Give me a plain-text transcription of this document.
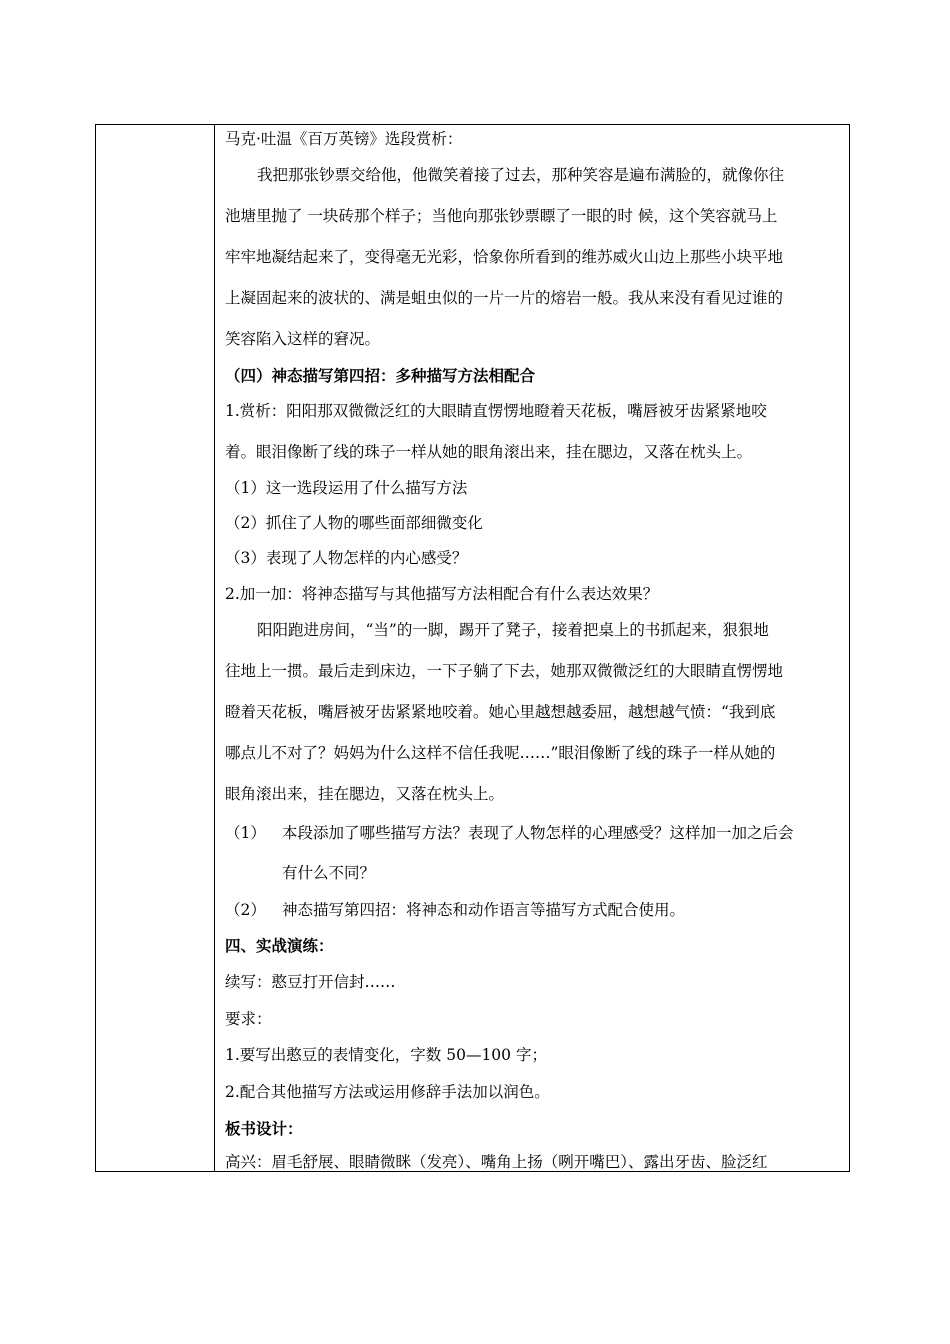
马克·吐温《百万英镑》选段赏析：
我把那张钞票交给他，他微笑着接了过去，那种笑容是遍布满脸的，就像你往
池塘里抛了 一块砖那个样子；当他向那张钞票瞟了一眼的时 候，这个笑容就马上
牢牢地凝结起来了，变得毫无光彩，恰象你所看到的维苏威火山边上那些小块平地
上凝固起来的波状的、满是蛆虫似的一片一片的熔岩一般。我从来没有看见过谁的
笑容陷入这样的窘况。
（四）神态描写第四招：多种描写方法相配合
1.赏析：阳阳那双微微泛红的大眼睛直愣愣地瞪着天花板，嘴唇被牙齿紧紧地咬
着。眼泪像断了线的珠子一样从她的眼角滚出来，挂在腮边，又落在枕头上。
（1）这一选段运用了什么描写方法
（2）抓住了人物的哪些面部细微变化
（3）表现了人物怎样的内心感受？
2.加一加：将神态描写与其他描写方法相配合有什么表达效果？
阳阳跑进房间，“当”的一脚，踢开了凳子，接着把桌上的书抓起来，狠狠地
往地上一掼。最后走到床边，一下子躺了下去，她那双微微泛红的大眼睛直愣愣地
瞪着天花板，嘴唇被牙齿紧紧地咬着。她心里越想越委屈，越想越气愤：“我到底
哪点儿不对了？妈妈为什么这样不信任我呢……”眼泪像断了线的珠子一样从她的
眼角滚出来，挂在腮边，又落在枕头上。
（1） 本段添加了哪些描写方法？表现了人物怎样的心理感受？这样加一加之后会
有什么不同？
（2） 神态描写第四招：将神态和动作语言等描写方式配合使用。
四、实战演练：
续写：憨豆打开信封……
要求：
1.要写出憨豆的表情变化，字数 50—100 字；
2.配合其他描写方法或运用修辞手法加以润色。
板书设计：
高兴：眉毛舒展、眼睛微眯（发亮）、嘴角上扬（咧开嘴巴）、露出牙齿、脸泛红
